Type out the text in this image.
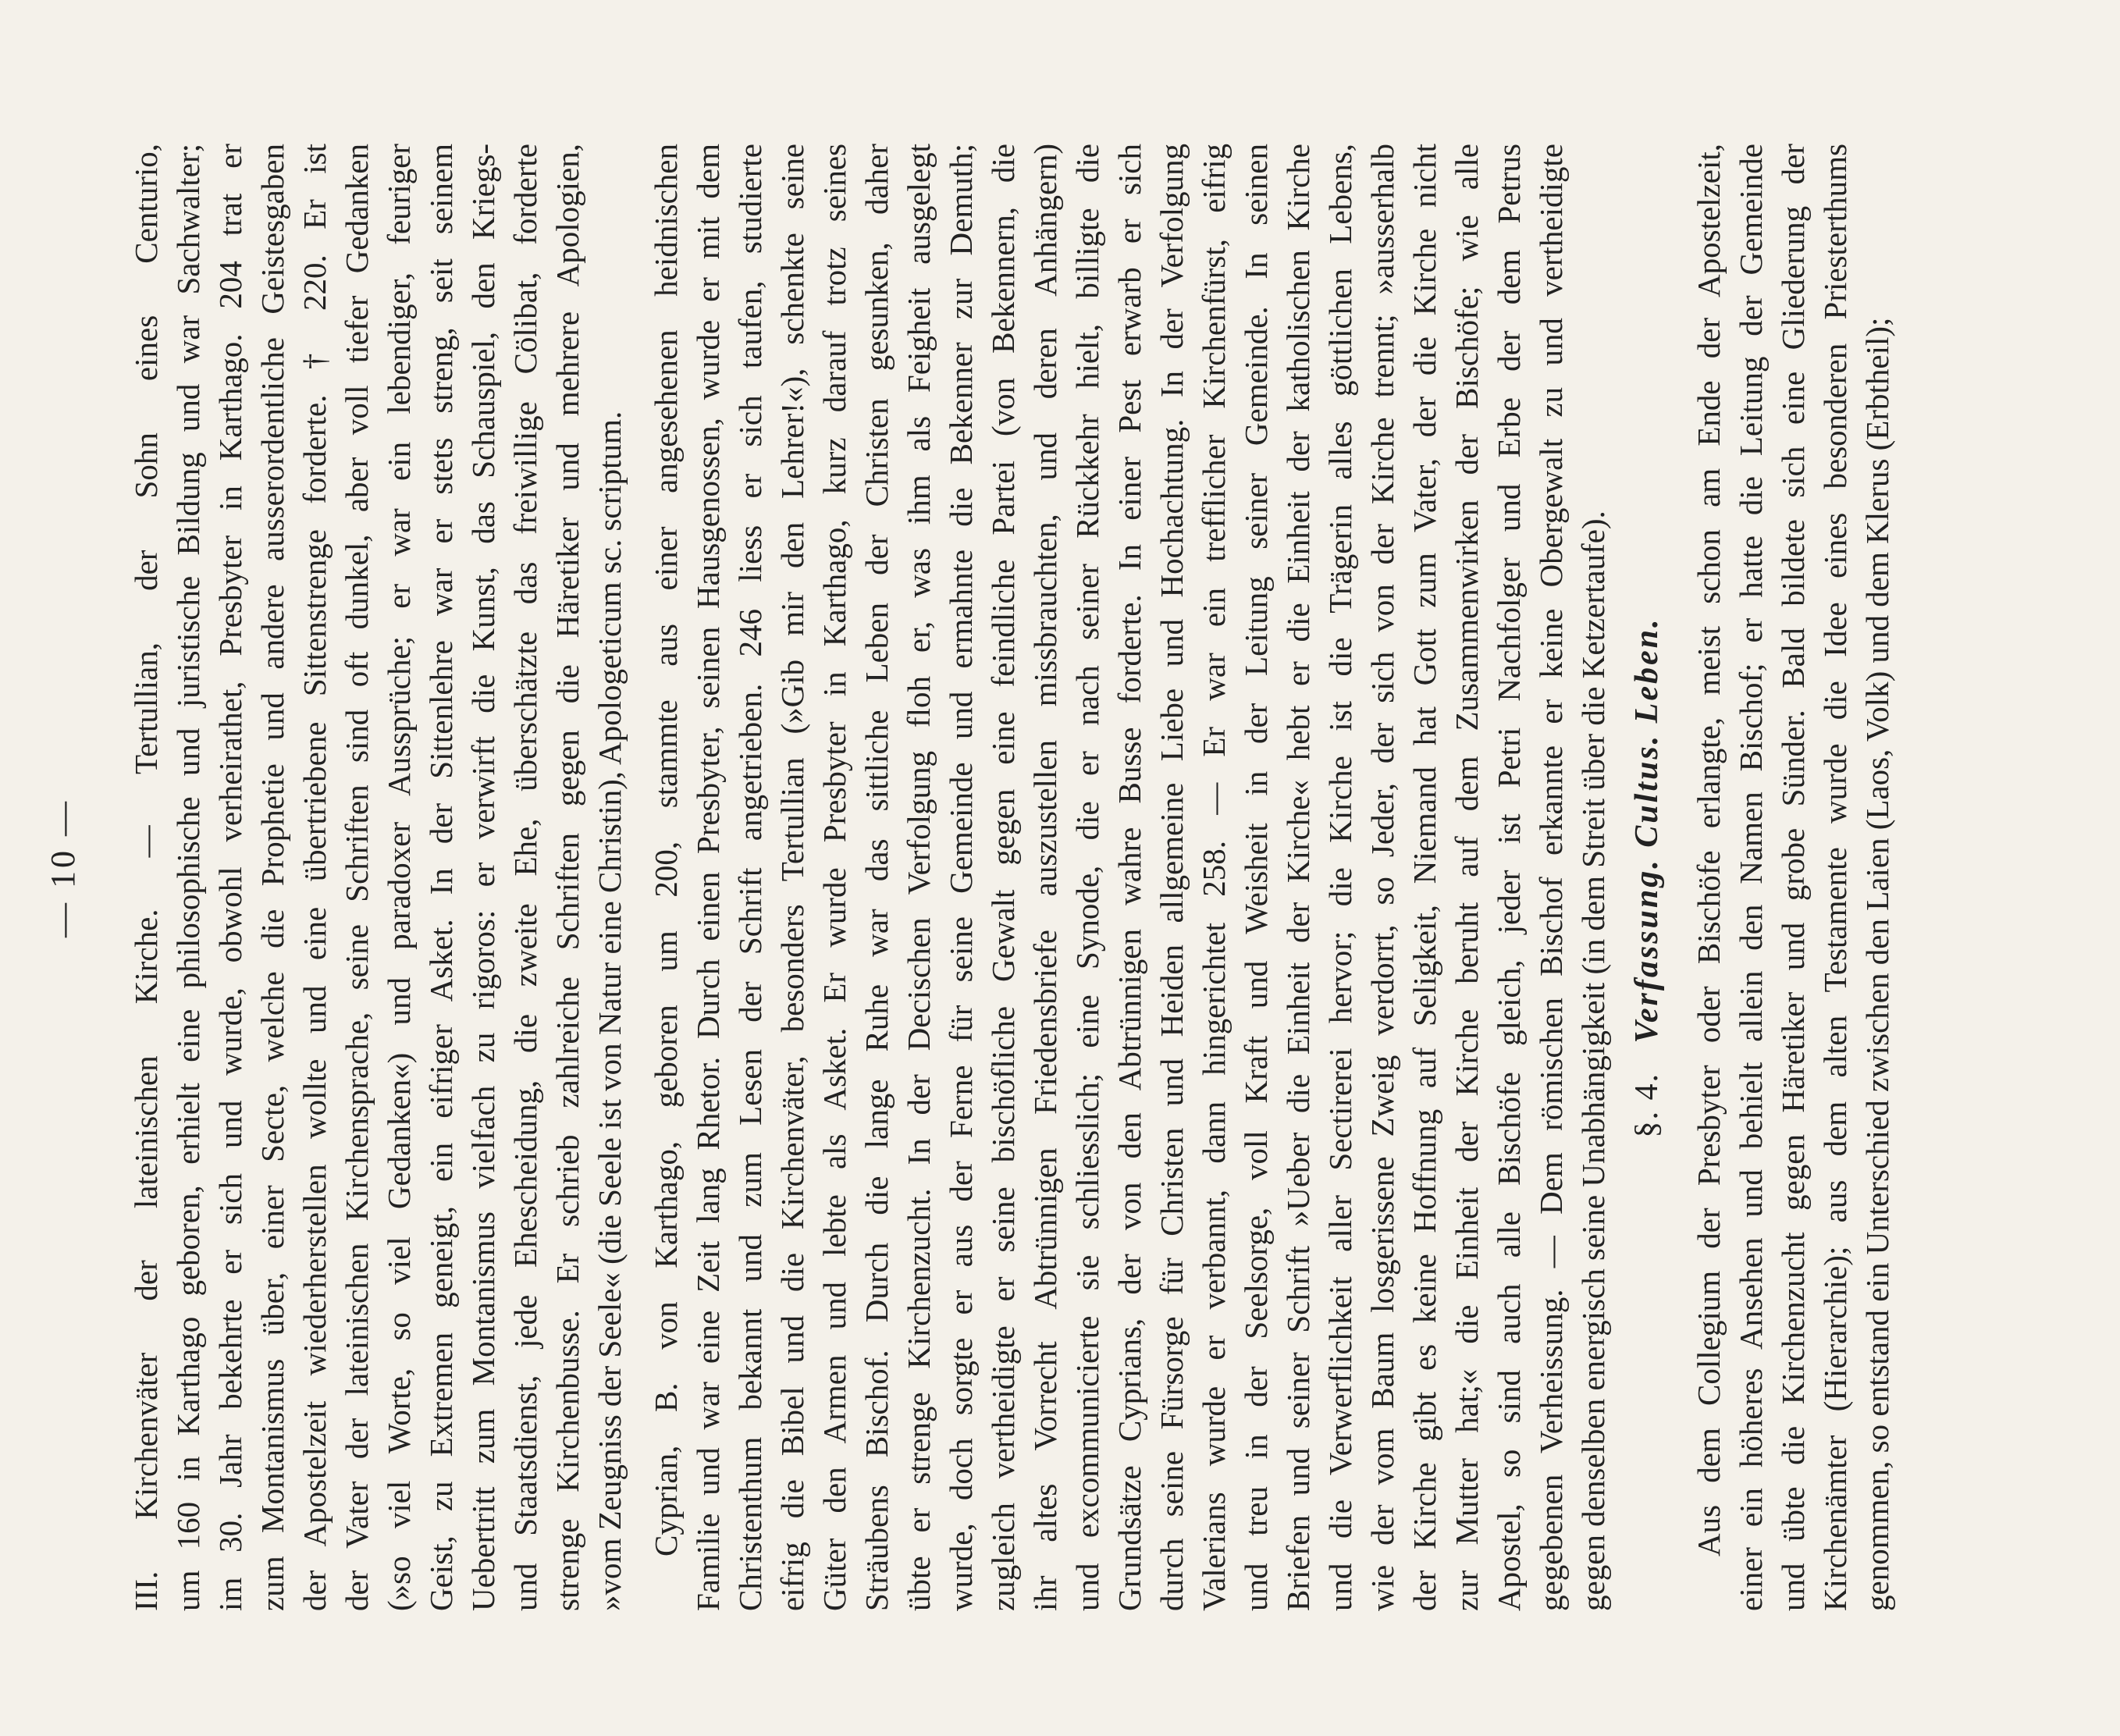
— 10 — III. Kirchenväter der lateinischen Kirche. — Tertullian, der Sohn eines Centurio, um 160 in Karthago geboren, erhielt eine philosophische und juristische Bildung und war Sachwalter; im 30. Jahr bekehrte er sich und wurde, obwohl verheirathet, Presbyter in Karthago. 204 trat er zum Montanismus über, einer Secte, welche die Prophetie und andere ausserordentliche Geistesgaben der Apostelzeit wiederherstellen wollte und eine übertriebene Sittenstrenge forderte. † 220. Er ist der Vater der lateinischen Kirchensprache, seine Schriften sind oft dunkel, aber voll tiefer Gedanken (»so viel Worte, so viel Gedanken«) und paradoxer Aussprüche; er war ein lebendiger, feuriger Geist, zu Extremen geneigt, ein eifriger Asket. In der Sittenlehre war er stets streng, seit seinem Uebertritt zum Montanismus vielfach zu rigoros: er verwirft die Kunst, das Schauspiel, den Kriegs- und Staatsdienst, jede Ehescheidung, die zweite Ehe, überschätzte das freiwillige Cölibat, forderte strenge Kirchenbusse. Er schrieb zahlreiche Schriften gegen die Häretiker und mehrere Apologien, »vom Zeugniss der Seele« (die Seele ist von Natur eine Christin), Apologeticum sc. scriptum. Cyprian, B. von Karthago, geboren um 200, stammte aus einer angesehenen heidnischen Familie und war eine Zeit lang Rhetor. Durch einen Presbyter, seinen Hausgenossen, wurde er mit dem Christenthum bekannt und zum Lesen der Schrift angetrieben. 246 liess er sich taufen, studierte eifrig die Bibel und die Kirchenväter, besonders Tertullian (»Gib mir den Lehrer!«), schenkte seine Güter den Armen und lebte als Asket. Er wurde Presbyter in Karthago, kurz darauf trotz seines Sträubens Bischof. Durch die lange Ruhe war das sittliche Leben der Christen gesunken, daher übte er strenge Kirchenzucht. In der Decischen Verfolgung floh er, was ihm als Feigheit ausgelegt wurde, doch sorgte er aus der Ferne für seine Gemeinde und ermahnte die Bekenner zur Demuth; zugleich vertheidigte er seine bischöfliche Gewalt gegen eine feindliche Partei (von Bekennern, die ihr altes Vorrecht Abtrünnigen Friedensbriefe auszustellen missbrauchten, und deren Anhängern) und excommunicierte sie schliesslich; eine Synode, die er nach seiner Rückkehr hielt, billigte die Grundsätze Cyprians, der von den Abtrünnigen wahre Busse forderte. In einer Pest erwarb er sich durch seine Fürsorge für Christen und Heiden allgemeine Liebe und Hochachtung. In der Verfolgung Valerians wurde er verbannt, dann hingerichtet 258. — Er war ein trefflicher Kirchenfürst, eifrig und treu in der Seelsorge, voll Kraft und Weisheit in der Leitung seiner Gemeinde. In seinen Briefen und seiner Schrift »Ueber die Einheit der Kirche« hebt er die Einheit der katholischen Kirche und die Verwerflichkeit aller Sectirerei hervor; die Kirche ist die Trägerin alles göttlichen Lebens, wie der vom Baum losgerissene Zweig verdorrt, so Jeder, der sich von der Kirche trennt; »ausserhalb der Kirche gibt es keine Hoffnung auf Seligkeit, Niemand hat Gott zum Vater, der die Kirche nicht zur Mutter hat;« die Einheit der Kirche beruht auf dem Zusammenwirken der Bischöfe; wie alle Apostel, so sind auch alle Bischöfe gleich, jeder ist Petri Nachfolger und Erbe der dem Petrus gegebenen Verheissung. — Dem römischen Bischof erkannte er keine Obergewalt zu und vertheidigte gegen denselben energisch seine Unabhängigkeit (in dem Streit über die Ketzertaufe). §. 4.   Verfassung. Cultus. Leben. Aus dem Collegium der Presbyter oder Bischöfe erlangte, meist schon am Ende der Apostelzeit, einer ein höheres Ansehen und behielt allein den Namen Bischof; er hatte die Leitung der Gemeinde und übte die Kirchenzucht gegen Häretiker und grobe Sünder. Bald bildete sich eine Gliederung der Kirchenämter (Hierarchie); aus dem alten Testamente wurde die Idee eines besonderen Priesterthums genommen, so entstand ein Unterschied zwischen den Laien (Laos, Volk) und dem Klerus (Erbtheil);
